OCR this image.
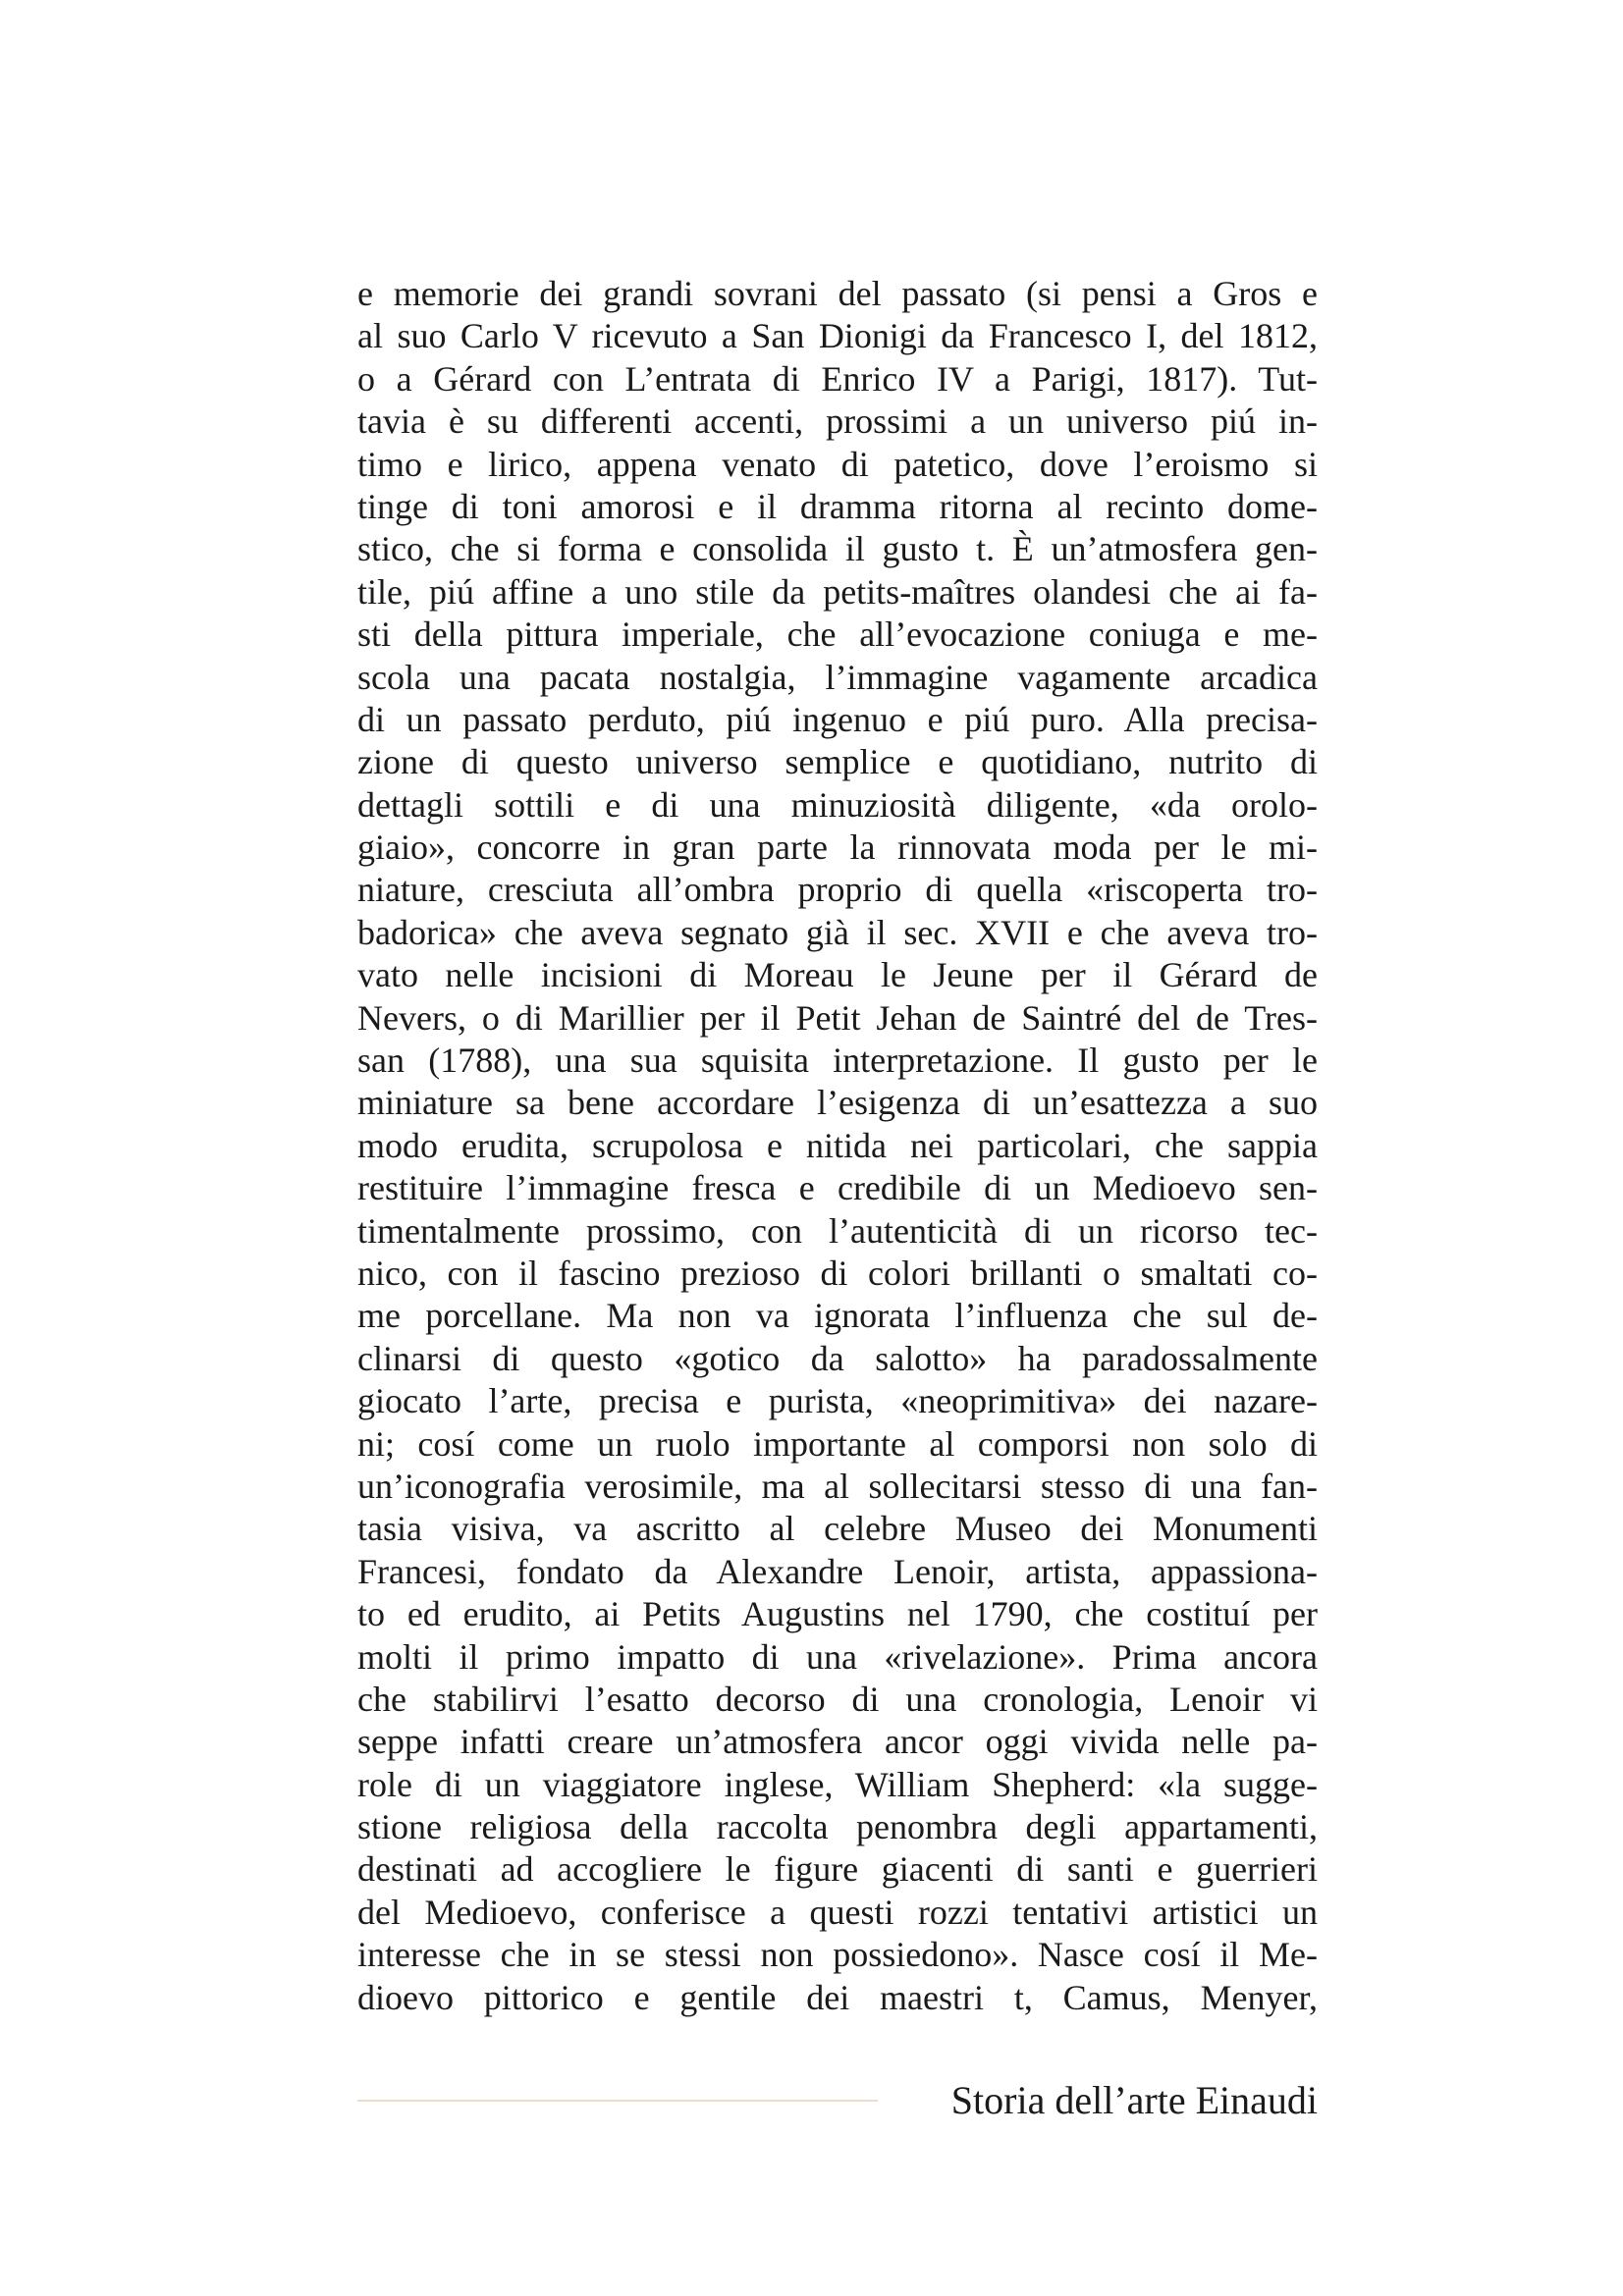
e memorie dei grandi sovrani del passato (si pensi a Gros e
al suo Carlo V ricevuto a San Dionigi da Francesco I, del 1812,
o a Gérard con L’entrata di Enrico IV a Parigi, 1817). Tut-
tavia è su differenti accenti, prossimi a un universo piú in-
timo e lirico, appena venato di patetico, dove l’eroismo si
tinge di toni amorosi e il dramma ritorna al recinto dome-
stico, che si forma e consolida il gusto t. È un’atmosfera gen-
tile, piú affine a uno stile da petits-maîtres olandesi che ai fa-
sti della pittura imperiale, che all’evocazione coniuga e me-
scola una pacata nostalgia, l’immagine vagamente arcadica
di un passato perduto, piú ingenuo e piú puro. Alla precisa-
zione di questo universo semplice e quotidiano, nutrito di
dettagli sottili e di una minuziosità diligente, «da orolo-
giaio», concorre in gran parte la rinnovata moda per le mi-
niature, cresciuta all’ombra proprio di quella «riscoperta tro-
badorica» che aveva segnato già il sec. XVII e che aveva tro-
vato nelle incisioni di Moreau le Jeune per il Gérard de
Nevers, o di Marillier per il Petit Jehan de Saintré del de Tres-
san (1788), una sua squisita interpretazione. Il gusto per le
miniature sa bene accordare l’esigenza di un’esattezza a suo
modo erudita, scrupolosa e nitida nei particolari, che sappia
restituire l’immagine fresca e credibile di un Medioevo sen-
timentalmente prossimo, con l’autenticità di un ricorso tec-
nico, con il fascino prezioso di colori brillanti o smaltati co-
me porcellane. Ma non va ignorata l’influenza che sul de-
clinarsi di questo «gotico da salotto» ha paradossalmente
giocato l’arte, precisa e purista, «neoprimitiva» dei nazare-
ni; cosí come un ruolo importante al comporsi non solo di
un’iconografia verosimile, ma al sollecitarsi stesso di una fan-
tasia visiva, va ascritto al celebre Museo dei Monumenti
Francesi, fondato da Alexandre Lenoir, artista, appassiona-
to ed erudito, ai Petits Augustins nel 1790, che costituí per
molti il primo impatto di una «rivelazione». Prima ancora
che stabilirvi l’esatto decorso di una cronologia, Lenoir vi
seppe infatti creare un’atmosfera ancor oggi vivida nelle pa-
role di un viaggiatore inglese, William Shepherd: «la sugge-
stione religiosa della raccolta penombra degli appartamenti,
destinati ad accogliere le figure giacenti di santi e guerrieri
del Medioevo, conferisce a questi rozzi tentativi artistici un
interesse che in se stessi non possiedono». Nasce cosí il Me-
dioevo pittorico e gentile dei maestri t, Camus, Menyer,
Storia dell’arte Einaudi
